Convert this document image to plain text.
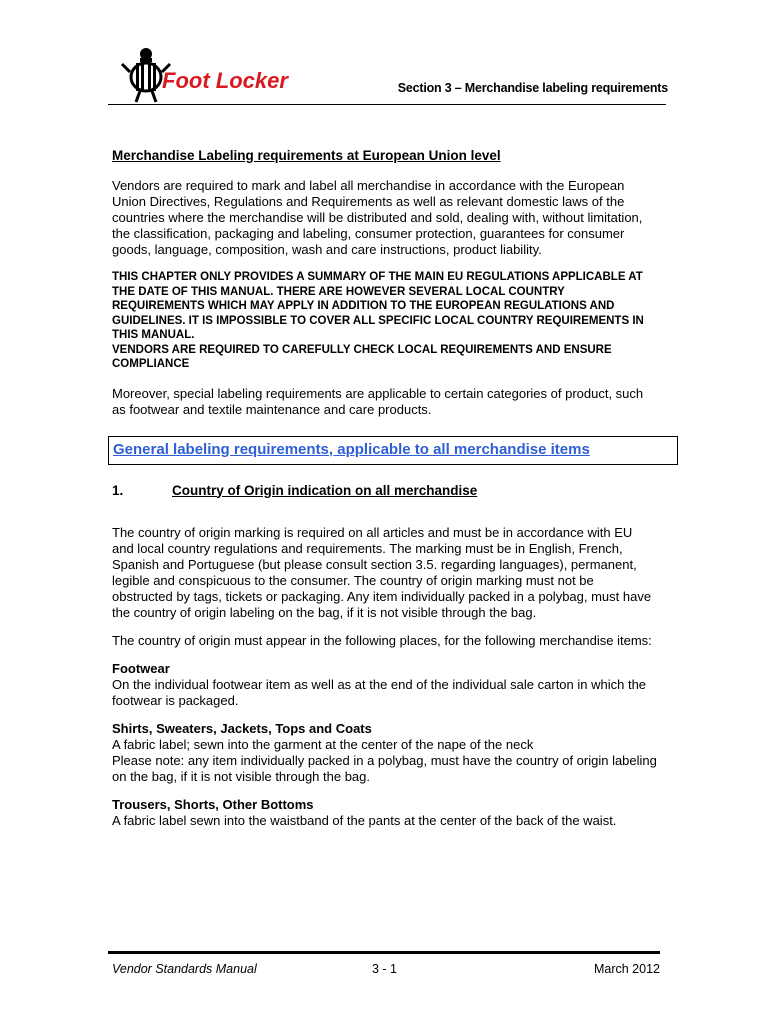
Foot Locker	Section 3 – Merchandise labeling requirements
Merchandise Labeling requirements at European Union level

Vendors are required to mark and label all merchandise in accordance with the European Union Directives, Regulations and Requirements as well as relevant domestic laws of the countries where the merchandise will be distributed and sold, dealing with, without limitation, the classification, packaging and labeling, consumer protection, guarantees for consumer goods, language, composition, wash and care instructions, product liability.

THIS CHAPTER ONLY PROVIDES A SUMMARY OF THE MAIN EU REGULATIONS APPLICABLE AT THE DATE OF THIS MANUAL. THERE ARE HOWEVER SEVERAL LOCAL COUNTRY REQUIREMENTS WHICH MAY APPLY IN ADDITION TO THE EUROPEAN REGULATIONS AND GUIDELINES. IT IS IMPOSSIBLE TO COVER ALL SPECIFIC LOCAL COUNTRY REQUIREMENTS IN THIS MANUAL.
VENDORS ARE REQUIRED TO CAREFULLY CHECK LOCAL REQUIREMENTS AND ENSURE COMPLIANCE

Moreover, special labeling requirements are applicable to certain categories of product, such as footwear and textile maintenance and care products.

General labeling requirements, applicable to all merchandise items
1.	Country of Origin indication on all merchandise

The country of origin marking is required on all articles and must be in accordance with EU and local country regulations and requirements. The marking must be in English, French, Spanish and Portuguese (but please consult section 3.5. regarding languages), permanent, legible and conspicuous to the consumer. The country of origin marking must not be obstructed by tags, tickets or packaging. Any item individually packed in a polybag, must have the country of origin labeling on the bag, if it is not visible through the bag.

The country of origin must appear in the following places, for the following merchandise items:

Footwear
On the individual footwear item as well as at the end of the individual sale carton in which the footwear is packaged.
Shirts, Sweaters, Jackets, Tops and Coats
A fabric label; sewn into the garment at the center of the nape of the neck
Please note: any item individually packed in a polybag, must have the country of origin labeling on the bag, if it is not visible through the bag.
Trousers, Shorts, Other Bottoms
A fabric label sewn into the waistband of the pants at the center of the back of the waist.
Vendor Standards Manual	3 - 1	March 2012
